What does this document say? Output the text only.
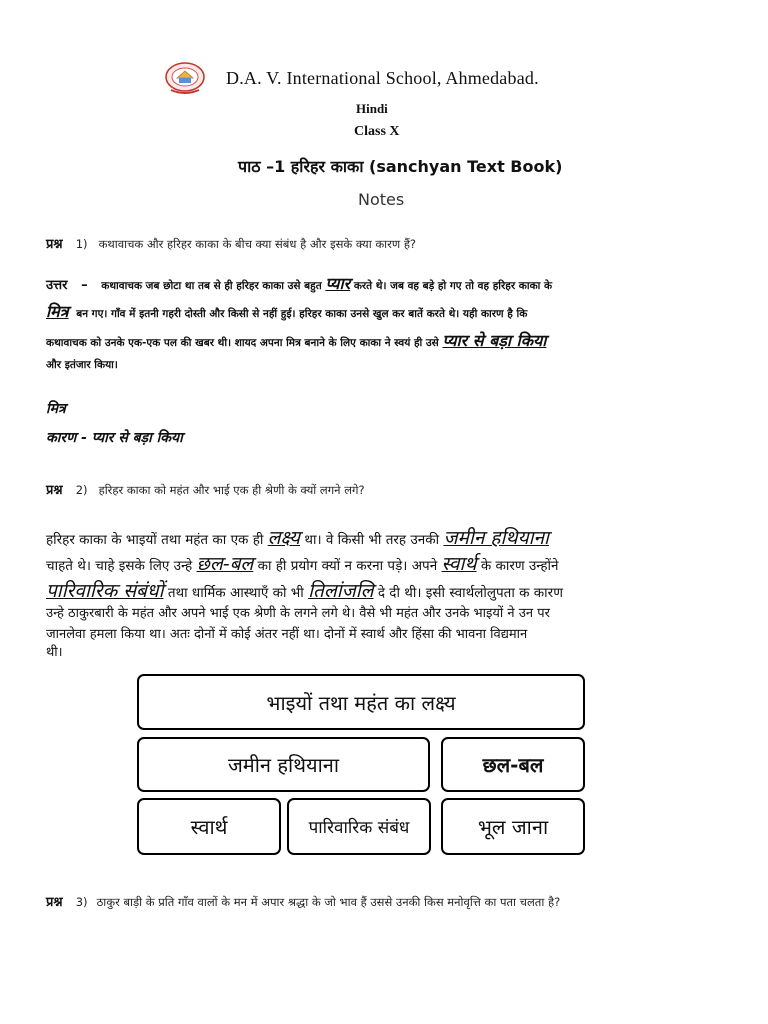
D.A. V. International School, Ahmedabad.
Hindi
Class X
पाठ –1 हरिहर काका (sanchyan Text Book)
Notes
प्रश्न 1) कथावाचक और हरिहर काका के बीच क्या संबंध है और इसके क्या कारण हैं?
उत्तर – कथावाचक जब छोटा था तब से ही हरिहर काका उसे बहुत प्यार करते थे। जब वह बड़े हो गए तो वह हरिहर काका के
मित्र बन गए। गाँव में इतनी गहरी दोस्ती और किसी से नहीं हुई। हरिहर काका उनसे खुल कर बातें करते थे। यही कारण है कि
कथावाचक को उनके एक-एक पल की खबर थी। शायद अपना मित्र बनाने के लिए काका ने स्वयं ही उसे प्यार से बड़ा किया
और इतंजार किया।
मित्र
कारण - प्यार से बड़ा किया
प्रश्न 2) हरिहर काका को महंत और भाई एक ही श्रेणी के क्यों लगने लगे?
हरिहर काका के भाइयों तथा महंत का एक ही लक्ष्य था। वे किसी भी तरह उनकी जमीन हथियाना
चाहते थे। चाहे इसके लिए उन्हे छल-बल का ही प्रयोग क्यों न करना पड़े। अपने स्वार्थ के कारण उन्होंने
पारिवारिक संबंधों तथा धार्मिक आस्थाएँ को भी तिलांजलि दे दी थी। इसी स्वार्थलोलुपता क कारण
उन्हे ठाकुरबारी के महंत और अपने भाई एक श्रेणी के लगने लगे थे। वैसे भी महंत और उनके भाइयों ने उन पर
जानलेवा हमला किया था। अतः दोनों में कोई अंतर नहीं था। दोनों में स्वार्थ और हिंसा की भावना विद्यमान
थी।
भाइयों तथा महंत का लक्ष्य
जमीन हथियाना	छल-बल
स्वार्थ	पारिवारिक संबंध	भूल जाना
प्रश्न 3) ठाकुर बाड़ी के प्रति गाँव वालों के मन में अपार श्रद्धा के जो भाव हैं उससे उनकी किस मनोवृत्ति का पता चलता है?
